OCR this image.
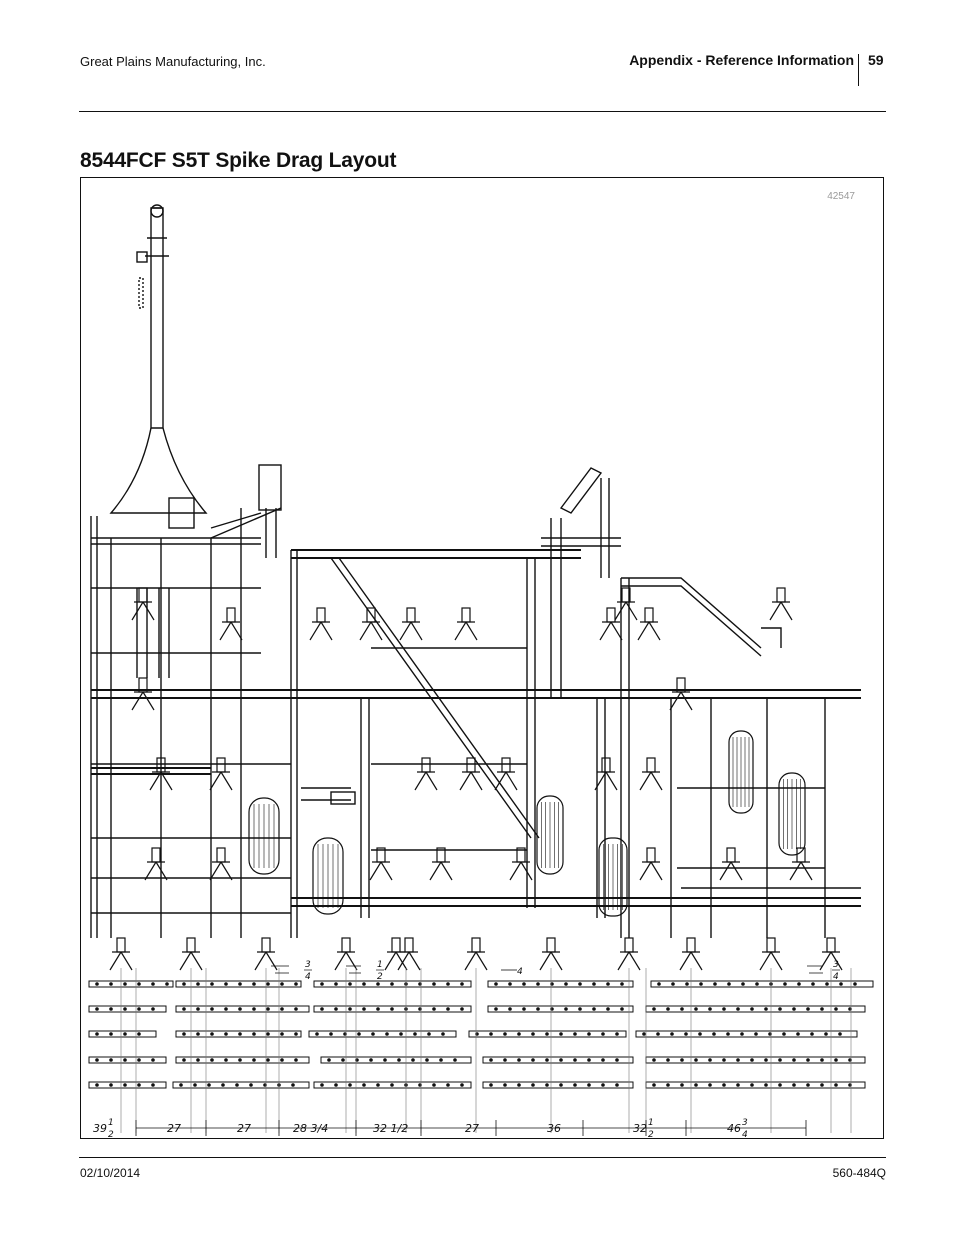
Great Plains Manufacturing, Inc.	Appendix - Reference Information 59
8544FCF S5T Spike Drag Layout
42547
3
4
1
2	4
3
4
39 1
2	27	27	28 3/4	32 1/2	27	36	32 1
2	46 3
4
02/10/2014	560-484Q
